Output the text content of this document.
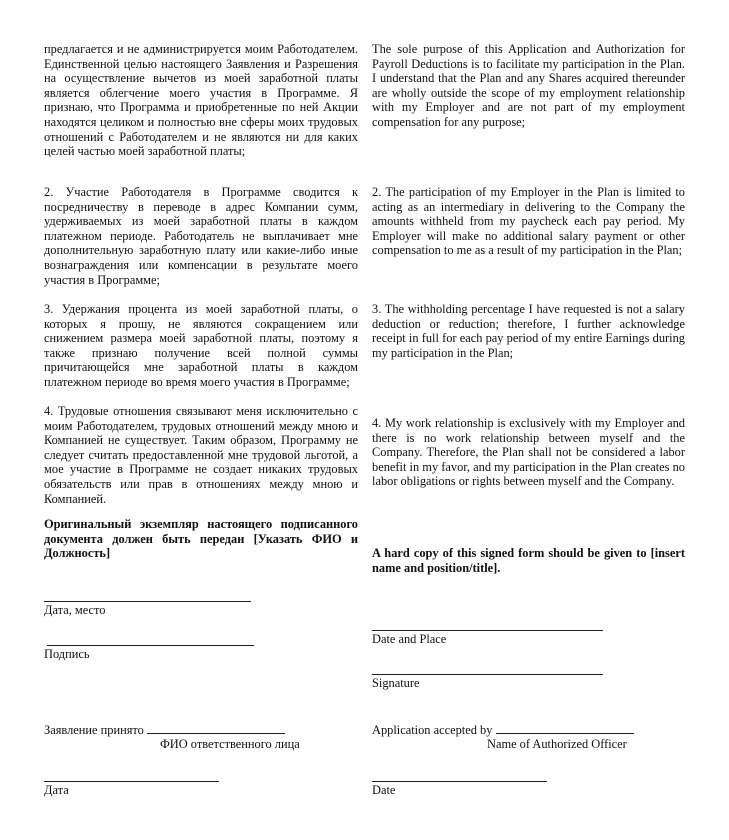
предлагается и не администрируется моим Работодателем. Единственной целью настоящего Заявления и Разрешения на осуществление вычетов из моей заработной платы является облегчение моего участия в Программе. Я признаю, что Программа и приобретенные по ней Акции находятся целиком и полностью вне сферы моих трудовых отношений с Работодателем и не являются ни для каких целей частью моей заработной платы;

2. Участие Работодателя в Программе сводится к посредничеству в переводе в адрес Компании сумм, удерживаемых из моей заработной платы в каждом платежном периоде. Работодатель не выплачивает мне дополнительную заработную плату или какие-либо иные вознаграждения или компенсации в результате моего участия в Программе;

3. Удержания процента из моей заработной платы, о которых я прошу, не являются сокращением или снижением размера моей заработной платы, поэтому я также признаю получение всей полной суммы причитающейся мне заработной платы в каждом платежном периоде во время моего участия в Программе;

4. Трудовые отношения связывают меня исключительно с моим Работодателем, трудовых отношений между мною и Компанией не существует. Таким образом, Программу не следует считать предоставленной мне трудовой льготой, а мое участие в Программе не создает никаких трудовых обязательств или прав в отношениях между мною и Компанией.

Оригинальный экземпляр настоящего подписанного документа должен быть передан [Указать ФИО и Должность]

Дата, место
Подпись
Заявление принято
ФИО ответственного лица
Дата

The sole purpose of this Application and Authorization for Payroll Deductions is to facilitate my participation in the Plan. I understand that the Plan and any Shares acquired thereunder are wholly outside the scope of my employment relationship with my Employer and are not part of my employment compensation for any purpose;

2. The participation of my Employer in the Plan is limited to acting as an intermediary in delivering to the Company the amounts withheld from my paycheck each pay period. My Employer will make no additional salary payment or other compensation to me as a result of my participation in the Plan;

3. The withholding percentage I have requested is not a salary deduction or reduction; therefore, I further acknowledge receipt in full for each pay period of my entire Earnings during my participation in the Plan;

4. My work relationship is exclusively with my Employer and there is no work relationship between myself and the Company. Therefore, the Plan shall not be considered a labor benefit in my favor, and my participation in the Plan creates no labor obligations or rights between myself and the Company.

A hard copy of this signed form should be given to [insert name and position/title].

Date and Place
Signature
Application accepted by
Name of Authorized Officer
Date
